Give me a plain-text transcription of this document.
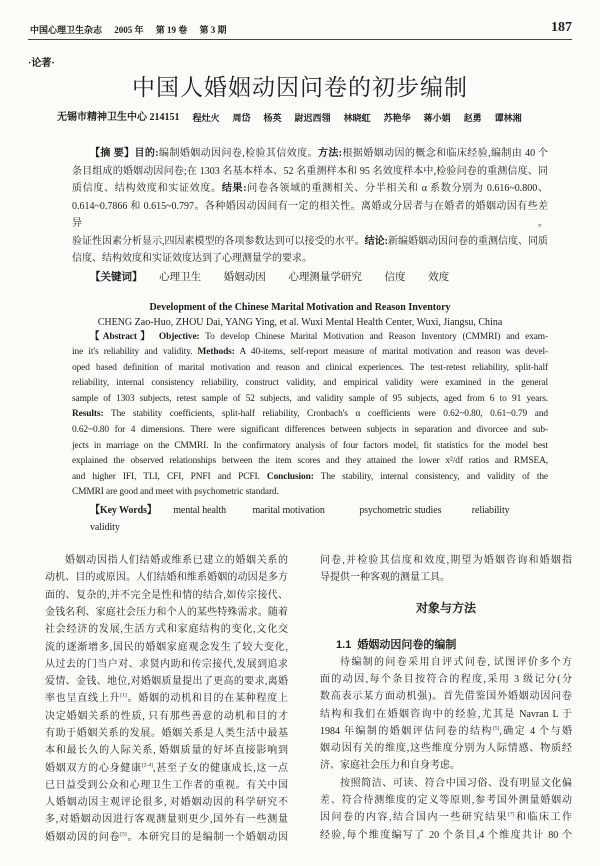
中国心理卫生杂志 2005 年 第 19 卷 第 3 期	187
·论著·
中国人婚姻动因问卷的初步编制
无锡市精神卫生中心 214151 程灶火 周岱 杨英 尉迟西翎 林晓虹 苏艳华 蒋小娟 赵勇 谭林湘
【摘 要】目的:编制婚姻动因问卷,检验其信效度。方法:根据婚姻动因的概念和临床经验,编制由 40 个
条目组成的婚姻动因问卷;在 1303 名基本样本、52 名重测样本和 95 名效度样本中,检验问卷的重测信度、同
质信度、结构效度和实证效度。结果:问卷各领域的重测相关、分半相关和 α 系数分别为 0.616~0.800、
0.614~0.7866 和 0.615~0.797。各种婚因动因间有一定的相关性。离婚或分居者与在婚者的婚姻动因有些差异。
验证性因素分析显示,四因素模型的各项参数达到可以接受的水平。结论:新编婚姻动因问卷的重测信度、同质
信度、结构效度和实证效度达到了心理测量学的要求。
【关键词】 心理卫生 婚姻动因 心理测量学研究 信度 效度
Development of the Chinese Marital Motivation and Reason Inventory
CHENG Zao-Huo, ZHOU Dai, YANG Ying, et al. Wuxi Mental Health Center, Wuxi, Jiangsu, China
【Abstract】 Objective: To develop Chinese Marital Motivation and Reason Inventory (CMMRI) and exam-
ine it's reliability and validity. Methods: A 40-items, self-report measure of marital motivation and reason was devel-
oped based definition of marital motivation and reason and clinical experiences. The test-retest reliability, split-half
reliability, internal consistency reliability, construct validity, and empirical validity were examined in the general
sample of 1303 subjects, retest sample of 52 subjects, and validity sample of 95 subjects, aged from 6 to 91 years.
Results: The stability coefficients, split-half reliability, Cronbach's α coefficients were 0.62~0.80, 0.61~0.79 and
0.62~0.80 for 4 dimensions. There were significant differences between subjects in separation and divorcee and sub-
jects in marriage on the CMMRI. In the confirmatory analysis of four factors model, fit statistics for the model best
explained the observed relationships between the item scores and they attained the lower x²/df ratios and RMSEA,
and higher IFI, TLI, CFI, PNFI and PCFI. Conclusion: The stability, internal consistency, and validity of the
CMMRI are good and meet with psychometric standard.
【Key Words】 mental health	marital motivation	psychometric studies	reliability validity
婚姻动因指人们结婚或维系已建立的婚姻关系的
动机、目的或原因。人们结婚和维系婚姻的动因是多方
面的、复杂的,并不完全是性和情的结合,如传宗接代、
金钱名利、家庭社会压力和个人的某些特殊需求。随着
社会经济的发展,生活方式和家庭结构的变化,文化交
流的逐渐增多,国民的婚姻家庭观念发生了较大变化,
从过去的门当户对、求贤内助和传宗接代,发展到追求
爱情、金钱、地位,对婚姻质量提出了更高的要求,离婚
率也呈直线上升[1]。婚姻的动机和目的在某种程度上
决定婚姻关系的性质, 只有那些善意的动机和目的才
有助于婚姻关系的发展。婚姻关系是人类生活中最基
本和最长久的人际关系, 婚姻质量的好坏直接影响到
婚姻双方的心身健康[2-4],甚至子女的健康成长,这一点
已日益受到公众和心理卫生工作者的重视。有关中国
人婚姻动因主观评论很多, 对婚姻动因的科学研究不
多,对婚姻动因进行客观测量则更少,国外有一些测量
婚姻动因的问卷[5]。本研究目的是编制一个婚姻动因
问卷,并检验其信度和效度,期望为婚姻咨询和婚姻指
导提供一种客观的测量工具。
对象与方法
1.1 婚姻动因问卷的编制
待编制的问卷采用自评式问卷, 试图评价多个方
面的动因,每个条目按符合的程度,采用 3 级记分(分
数高表示某方面动机强)。首先借鉴国外婚姻动因问卷
结构和我们在婚姻咨询中的经验,尤其是 Navran L 于
1984 年编制的婚姻评估问卷的结构[5],确定 4 个与婚
姻动因有关的维度,这些维度分别为人际情感、物质经
济、家庭社会压力和自身考虑。
按照简洁、可读、符合中国习俗、没有明显文化偏
差、符合待测维度的定义等原则,参考国外测量婚姻动
因问卷的内容,结合国内一些研究结果[7]和临床工作
经验,每个维度编写了 20 个条目,4 个维度共计 80 个
